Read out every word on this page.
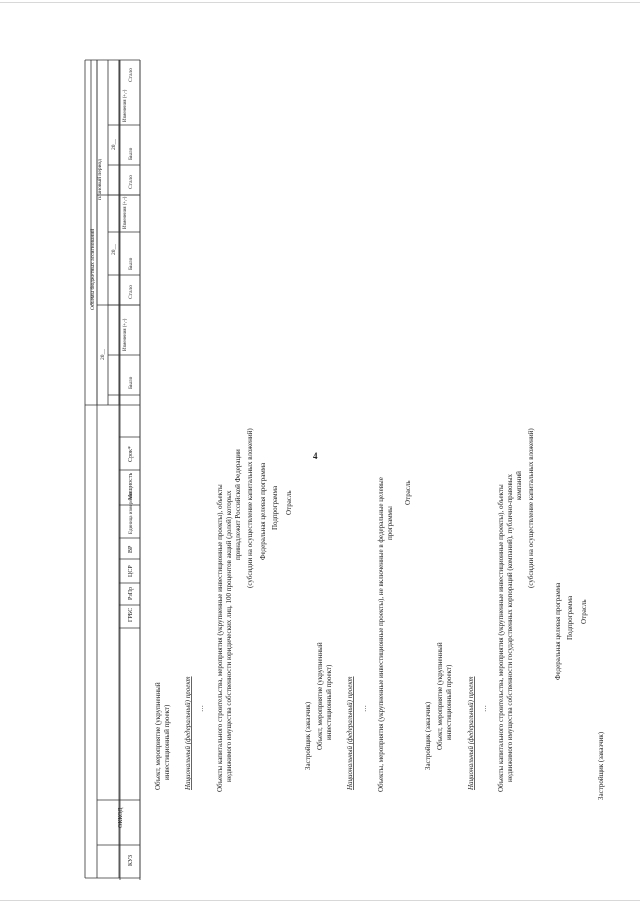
4
КУЗ
ОККОД
ГРБС
РзПр
ЦСР
ВР
Единица измерения
Мощность
Срок*
Объемы бюджетных ассигнований
плановый период
20__
20__
20__
Было
Изменения (+,-)
Стало
Было
Изменения (+,-)
Стало
Было
Изменения (+,-)
Стало
Объект, мероприятие (укрупненный инвестиционный проект) Национальный (федеральный) проект … Объекты капитального строительства, мероприятия (укрупненные инвестиционные проекты), объекты недвижимого имущества собственности юридических лиц, 100 процентов акций (долей) которых принадлежит Российской Федерации (субсидии на осуществление капитальных вложений) Федеральная целевая программа Подпрограмма Отрасль
Застройщик (заказчик) Объект, мероприятие (укрупненный инвестиционный проект) Национальный (федеральный) проект … Объекты, мероприятия (укрупненные инвестиционные проекты), не включенные в федеральные целевые программы
Отрасль
Застройщик (заказчик) Объект, мероприятие (укрупненный инвестиционный проект) Национальный (федеральный) проект … Объекты капитального строительства, мероприятия (укрупненные инвестиционные проекты), объекты недвижимого имущества собственности государственных корпораций (компаний), публично-правовых компаний (субсидии на осуществление капитальных вложений)
Федеральная целевая программа Подпрограмма Отрасль
Застройщик (заказчик)
